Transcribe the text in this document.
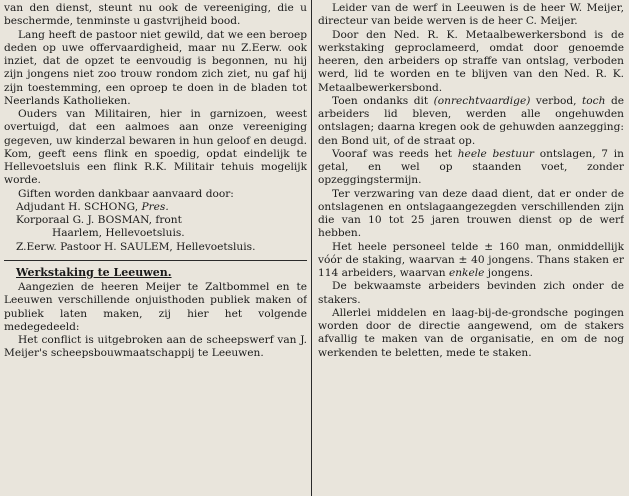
van den dienst, steunt nu ook de vereeniging, die u beschermde, tenminste u gastvrijheid bood.

Lang heeft de pastoor niet gewild, dat we een beroep deden op uwe offervaardigheid, maar nu Z.Eerw. ook inziet, dat de opzet te eenvoudig is begonnen, nu hij zijn jongens niet zoo trouw rondom zich ziet, nu gaf hij zijn toestemming, een oproep te doen in de bladen tot Neerlands Katholieken.

Ouders van Militairen, hier in garnizoen, weest overtuigd, dat een aalmoes aan onze vereeniging gegeven, uw kinderzal bewaren in hun geloof en deugd. Kom, geeft eens flink en spoedig, opdat eindelijk te Hellevoetsluis een flink R.K. Militair tehuis mogelijk worde.

Giften worden dankbaar aanvaard door:

Adjudant H. SCHONG, Pres.

Korporaal G. J. BOSMAN, front
Haarlem, Hellevoetsluis.

Z.Eerw. Pastoor H. SAULEM, Hellevoetsluis.

Werkstaking te Leeuwen.

Aangezien de heeren Meijer te Zaltbommel en te Leeuwen verschillende onjuisthoden publiek maken of publiek laten maken, zij hier het volgende medegedeeld:

Het conflict is uitgebroken aan de scheepswerf van J. Meijer's scheepsbouwmaatschappij te Leeuwen.

Leider van de werf in Leeuwen is de heer W. Meijer, directeur van beide werven is de heer C. Meijer.

Door den Ned. R. K. Metaalbewerkersbond is de werkstaking geproclameerd, omdat door genoemde heeren, den arbeiders op straffe van ontslag, verboden werd, lid te worden en te blijven van den Ned. R. K. Metaalbewerkersbond.

Toen ondanks dit (onrechtvaardige) verbod, toch de arbeiders lid bleven, werden alle ongehuwden ontslagen; daarna kregen ook de gehuwden aanzegging: den Bond uit, of de straat op.

Vooraf was reeds het heele bestuur ontslagen, 7 in getal, en wel op staanden voet, zonder opzeggingstermijn.

Ter verzwaring van deze daad dient, dat er onder de ontslagenen en ontslagaangezegden verschillenden zijn die van 10 tot 25 jaren trouwen dienst op de werf hebben.

Het heele personeel telde ± 160 man, onmiddellijk vóór de staking, waarvan ± 40 jongens. Thans staken er 114 arbeiders, waarvan enkele jongens.

De bekwaamste arbeiders bevinden zich onder de stakers.

Allerlei middelen en laag-bij-de-grondsche pogingen worden door de directie aangewend, om de stakers afvallig te maken van de organisatie, en om de nog werkenden te beletten, mede te staken.
